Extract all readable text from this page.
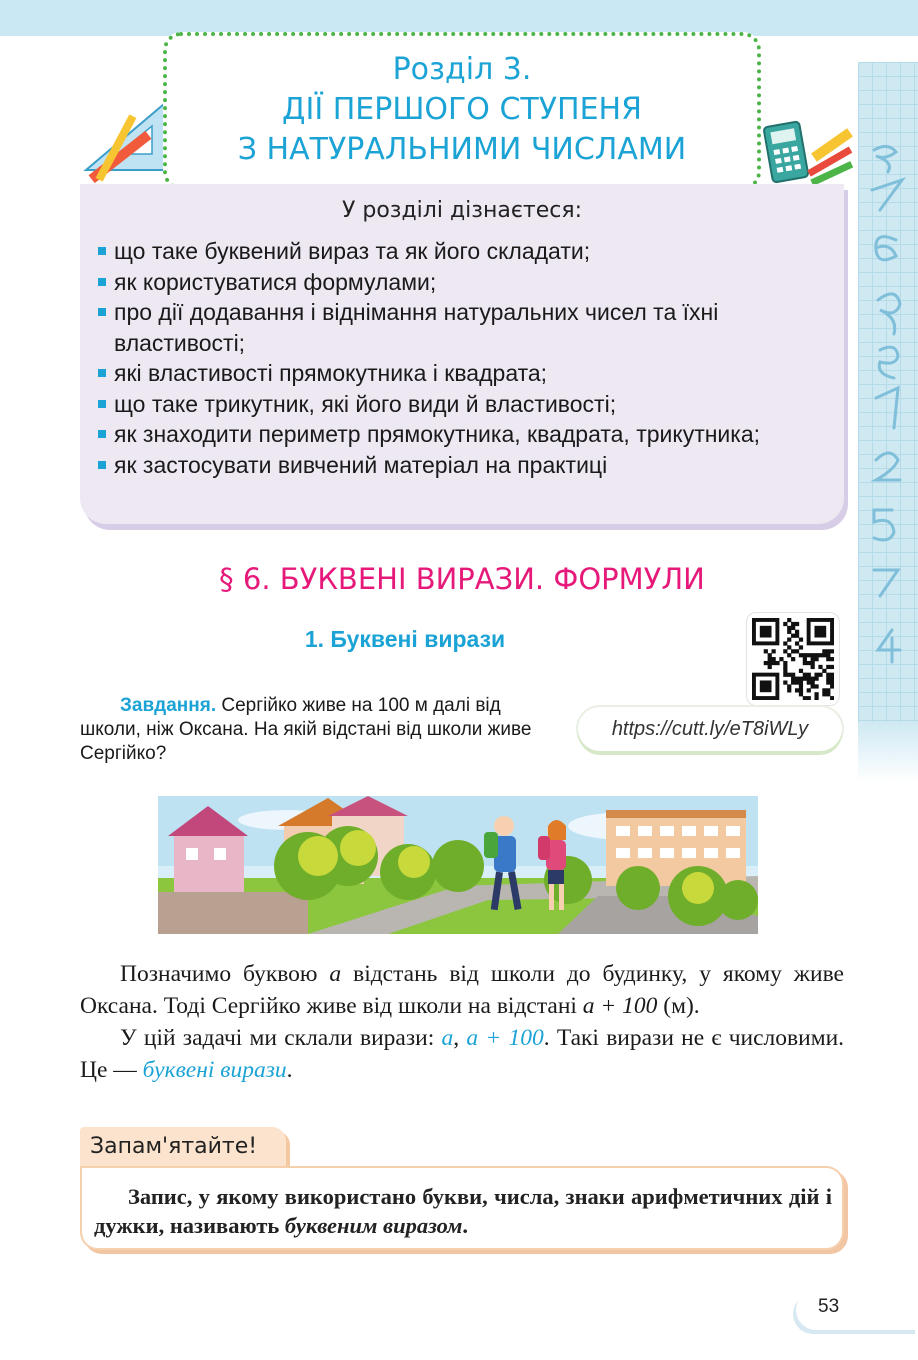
Розділ 3.
ДІЇ ПЕРШОГО СТУПЕНЯ
З НАТУРАЛЬНИМИ ЧИСЛАМИ
У розділі дізнаєтеся:
що таке буквений вираз та як його складати;
як користуватися формулами;
про дії додавання і віднімання натуральних чисел та їхні властивості;
які властивості прямокутника і квадрата;
що таке трикутник, які його види й властивості;
як знаходити периметр прямокутника, квадрата, трикутника;
як застосувати вивчений матеріал на практиці
§ 6. БУКВЕНІ ВИРАЗИ. ФОРМУЛИ
1. Буквені вирази
https://cutt.ly/eT8iWLy
Завдання. Сергійко живе на 100 м далі від школи, ніж Оксана. На якій відстані від школи живе Сергійко?

Позначимо буквою a відстань від школи до будинку, у якому живе Оксана. Тоді Сергійко живе від школи на відстані a + 100 (м).

У цій задачі ми склали вирази: a, a + 100. Такі вирази не є числовими. Це — буквені вирази.

Запам'ятайте!
Запис, у якому використано букви, числа, знаки арифметичних дій і дужки, називають буквеним виразом.
53
